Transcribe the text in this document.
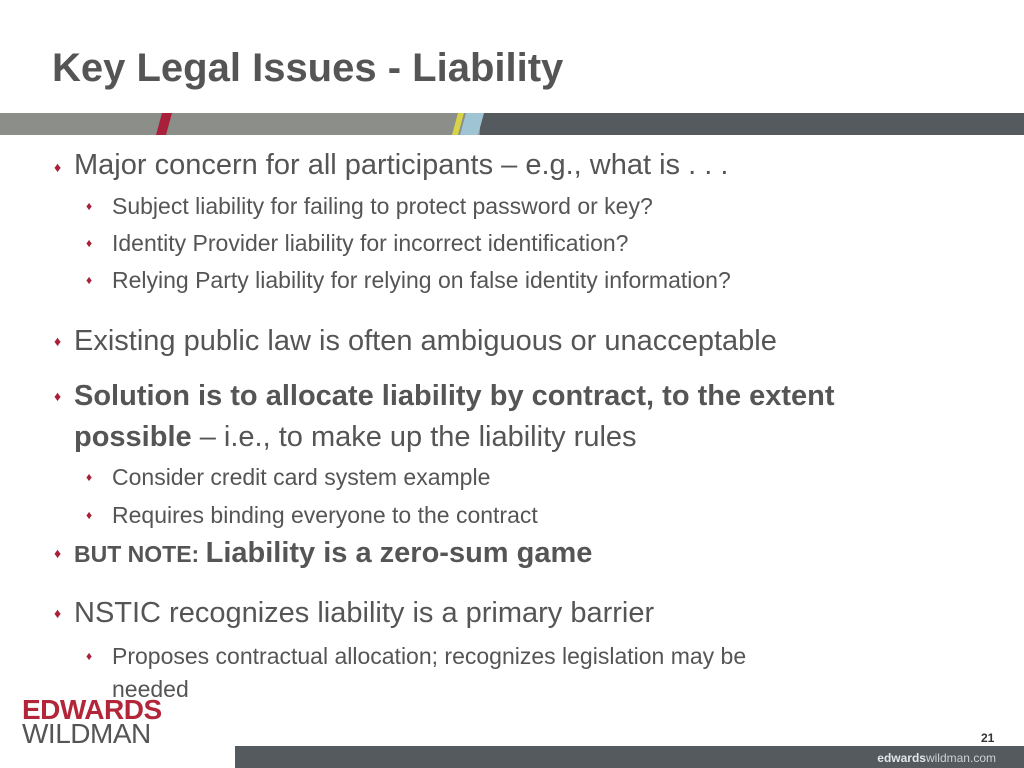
Key Legal Issues - Liability
♦ Major concern for all participants – e.g., what is . . .
♦ Subject liability for failing to protect password or key?
♦ Identity Provider liability for incorrect identification?
♦ Relying Party liability for relying on false identity information?
♦ Existing public law is often ambiguous or unacceptable
♦ Solution is to allocate liability by contract, to the extent
possible – i.e., to make up the liability rules
♦ Consider credit card system example
♦ Requires binding everyone to the contract
♦ BUT NOTE: Liability is a zero-sum game
♦ NSTIC recognizes liability is a primary barrier
♦ Proposes contractual allocation; recognizes legislation may be
needed
EDWARDS
WILDMAN	21
edwardswildman.com
